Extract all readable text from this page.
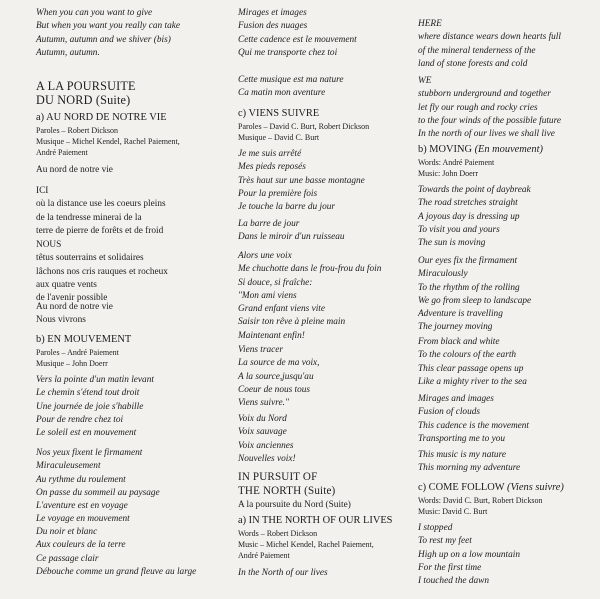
When you can you want to give
But when you want you really can take
Autumn, autumn and we shiver (bis)
Autumn, autumn.
A LA POURSUITE
DU NORD (Suite)
a) AU NORD DE NOTRE VIE
Paroles – Robert Dickson
Musique – Michel Kendel, Rachel Paiement,
André Paiement
Au nord de notre vie
ICI
où la distance use les coeurs pleins
de la tendresse minerai de la
terre de pierre de forêts et de froid
NOUS
têtus souterrains et solidaires
lâchons nos cris rauques et rocheux
aux quatre vents
de l'avenir possible
Au nord de notre vie
Nous vivrons
b) EN MOUVEMENT
Paroles – André Paiement
Musique – John Doerr
Vers la pointe d'un matin levant
Le chemin s'étend tout droit
Une journée de joie s'habille
Pour de rendre chez toi
Le soleil est en mouvement
Nos yeux fixent le firmament
Miraculeusement
Au rythme du roulement
On passe du sommeil au paysage
L'aventure est en voyage
Le voyage en mouvement
Du noir et blanc
Aux couleurs de la terre
Ce passage clair
Débouche comme un grand fleuve au large
Mirages et images
Fusion des nuages
Cette cadence est le mouvement
Qui me transporte chez toi
Cette musique est ma nature
Ca matin mon aventure
c) VIENS SUIVRE
Paroles – David C. Burt, Robert Dickson
Musique – David C. Burt
Je me suis arrêté
Mes pieds reposés
Très haut sur une basse montagne
Pour la première fois
Je touche la barre du jour
La barre de jour
Dans le miroir d'un ruisseau
Alors une voix
Me chuchotte dans le frou-frou du foin
Si douce, si fraîche:
"Mon ami viens
Grand enfant viens vite
Saisir ton rêve à pleine main
Maintenant enfin!
Viens tracer
La source de ma voix,
A la source,jusqu'au
Coeur de nous tous
Viens suivre."
Voix du Nord
Voix sauvage
Voix anciennes
Nouvelles voix!
IN PURSUIT OF
THE NORTH (Suite)
A la poursuite du Nord (Suite)
a) IN THE NORTH OF OUR LIVES
Words – Robert Dickson
Music – Michel Kendel, Rachel Paiement,
André Paiement
In the North of our lives
HERE
where distance wears down hearts full
of the mineral tenderness of the
land of stone forests and cold
WE
stubborn underground and together
let fly our rough and rocky cries
to the four winds of the possible future
In the north of our lives we shall live
b) MOVING (En mouvement)
Words: André Paiement
Music: John Doerr
Towards the point of daybreak
The road stretches straight
A joyous day is dressing up
To visit you and yours
The sun is moving
Our eyes fix the firmament
Miraculously
To the rhythm of the rolling
We go from sleep to landscape
Adventure is travelling
The journey moving
From black and white
To the colours of the earth
This clear passage opens up
Like a mighty river to the sea
Mirages and images
Fusion of clouds
This cadence is the movement
Transporting me to you
This music is my nature
This morning my adventure
c) COME FOLLOW (Viens suivre)
Words: David C. Burt, Robert Dickson
Music: David C. Burt
I stopped
To rest my feet
High up on a low mountain
For the first time
I touched the dawn
